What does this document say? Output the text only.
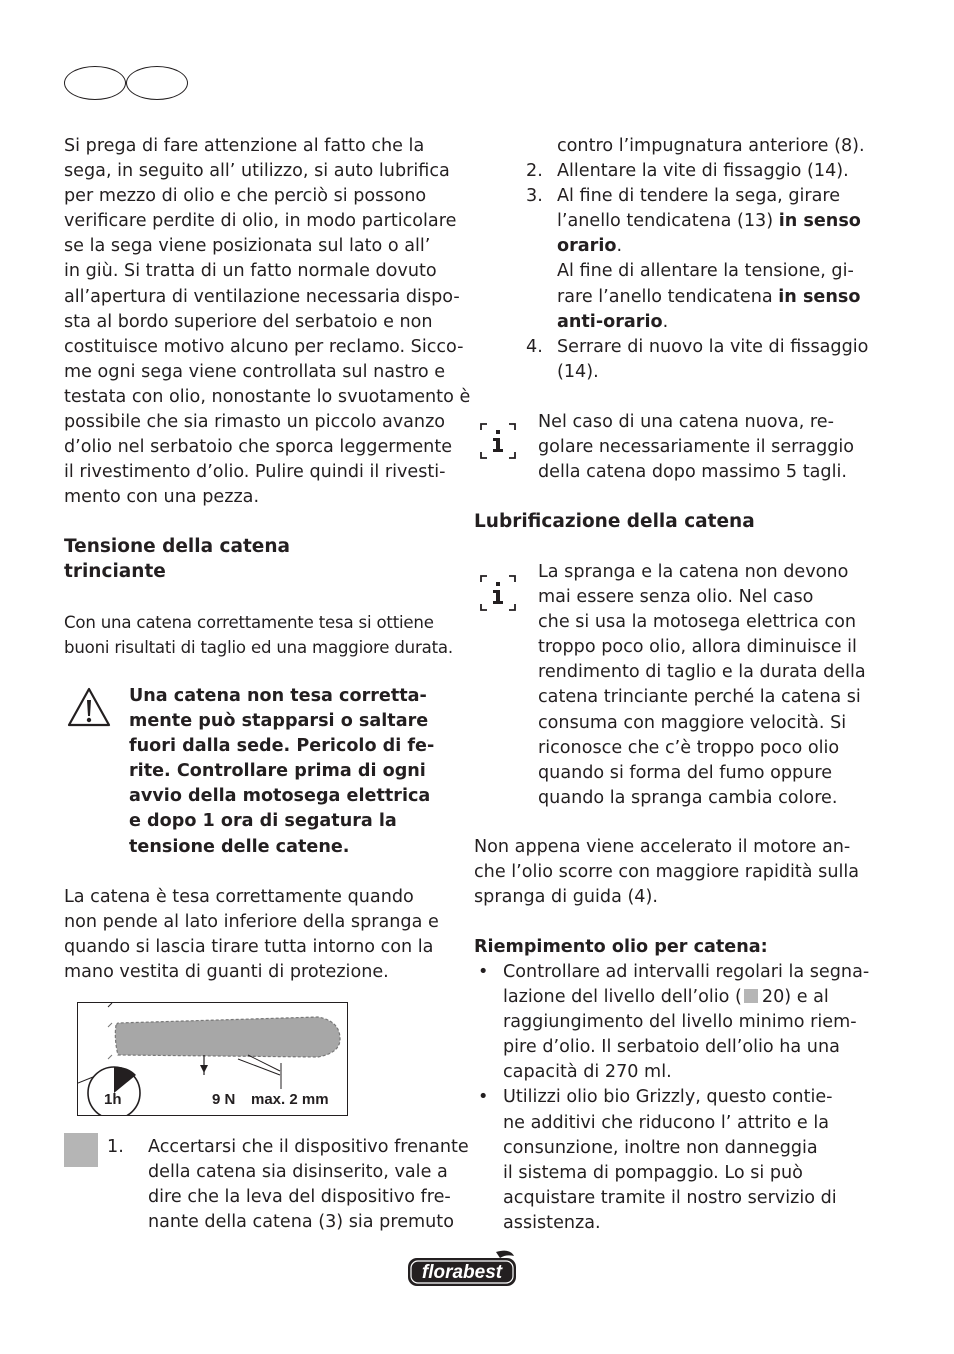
Si prega di fare attenzione al fatto che la
sega, in seguito all’ utilizzo, si auto lubrifica
per mezzo di olio e che perciò si possono
verificare perdite di olio, in modo particolare
se la sega viene posizionata sul lato o all’
in giù. Si tratta di un fatto normale dovuto
all’apertura di ventilazione necessaria dispo-
sta al bordo superiore del serbatoio e non
costituisce motivo alcuno per reclamo. Sicco-
me ogni sega viene controllata sul nastro e
testata con olio, nonostante lo svuotamento è
possibile che sia rimasto un piccolo avanzo
d’olio nel serbatoio che sporca leggermente
il rivestimento d’olio. Pulire quindi il rivesti-
mento con una pezza.
Tensione della catena
trinciante
Con una catena correttamente tesa si ottiene
buoni risultati di taglio ed una maggiore durata.
Una catena non tesa corretta-
mente può stapparsi o saltare
fuori dalla sede. Pericolo di fe-
rite. Controllare prima di ogni
avvio della motosega elettrica
e dopo 1 ora di segatura la
tensione delle catene.
La catena è tesa correttamente quando
non pende al lato inferiore della spranga e
quando si lascia tirare tutta intorno con la
mano vestita di guanti di protezione.
1h	9 N max. 2 mm
1. Accertarsi che il dispositivo frenante
della catena sia disinserito, vale a
dire che la leva del dispositivo fre-
nante della catena (3) sia premuto
contro l’impugnatura anteriore (8).
2. Allentare la vite di fissaggio (14).
3. Al fine di tendere la sega, girare
l’anello tendicatena (13) in senso
orario.
Al fine di allentare la tensione, gi-
rare l’anello tendicatena in senso
anti-orario.
4. Serrare di nuovo la vite di fissaggio
(14).
Nel caso di una catena nuova, re-
golare necessariamente il serraggio
della catena dopo massimo 5 tagli.
Lubrificazione della catena
La spranga e la catena non devono
mai essere senza olio. Nel caso
che si usa la motosega elettrica con
troppo poco olio, allora diminuisce il
rendimento di taglio e la durata della
catena trinciante perché la catena si
consuma con maggiore velocità. Si
riconosce che c’è troppo poco olio
quando si forma del fumo oppure
quando la spranga cambia colore.
Non appena viene accelerato il motore an-
che l’olio scorre con maggiore rapidità sulla
spranga di guida (4).
Riempimento olio per catena:
• Controllare ad intervalli regolari la segna-
lazione del livello dell’olio ( 20) e al
raggiungimento del livello minimo riem-
pire d’olio. Il serbatoio dell’olio ha una
capacità di 270 ml.
• Utilizzi olio bio Grizzly, questo contie-
ne additivi che riducono l’ attrito e la
consunzione, inoltre non danneggia
il sistema di pompaggio. Lo si può
acquistare tramite il nostro servizio di
assistenza.
florabest
